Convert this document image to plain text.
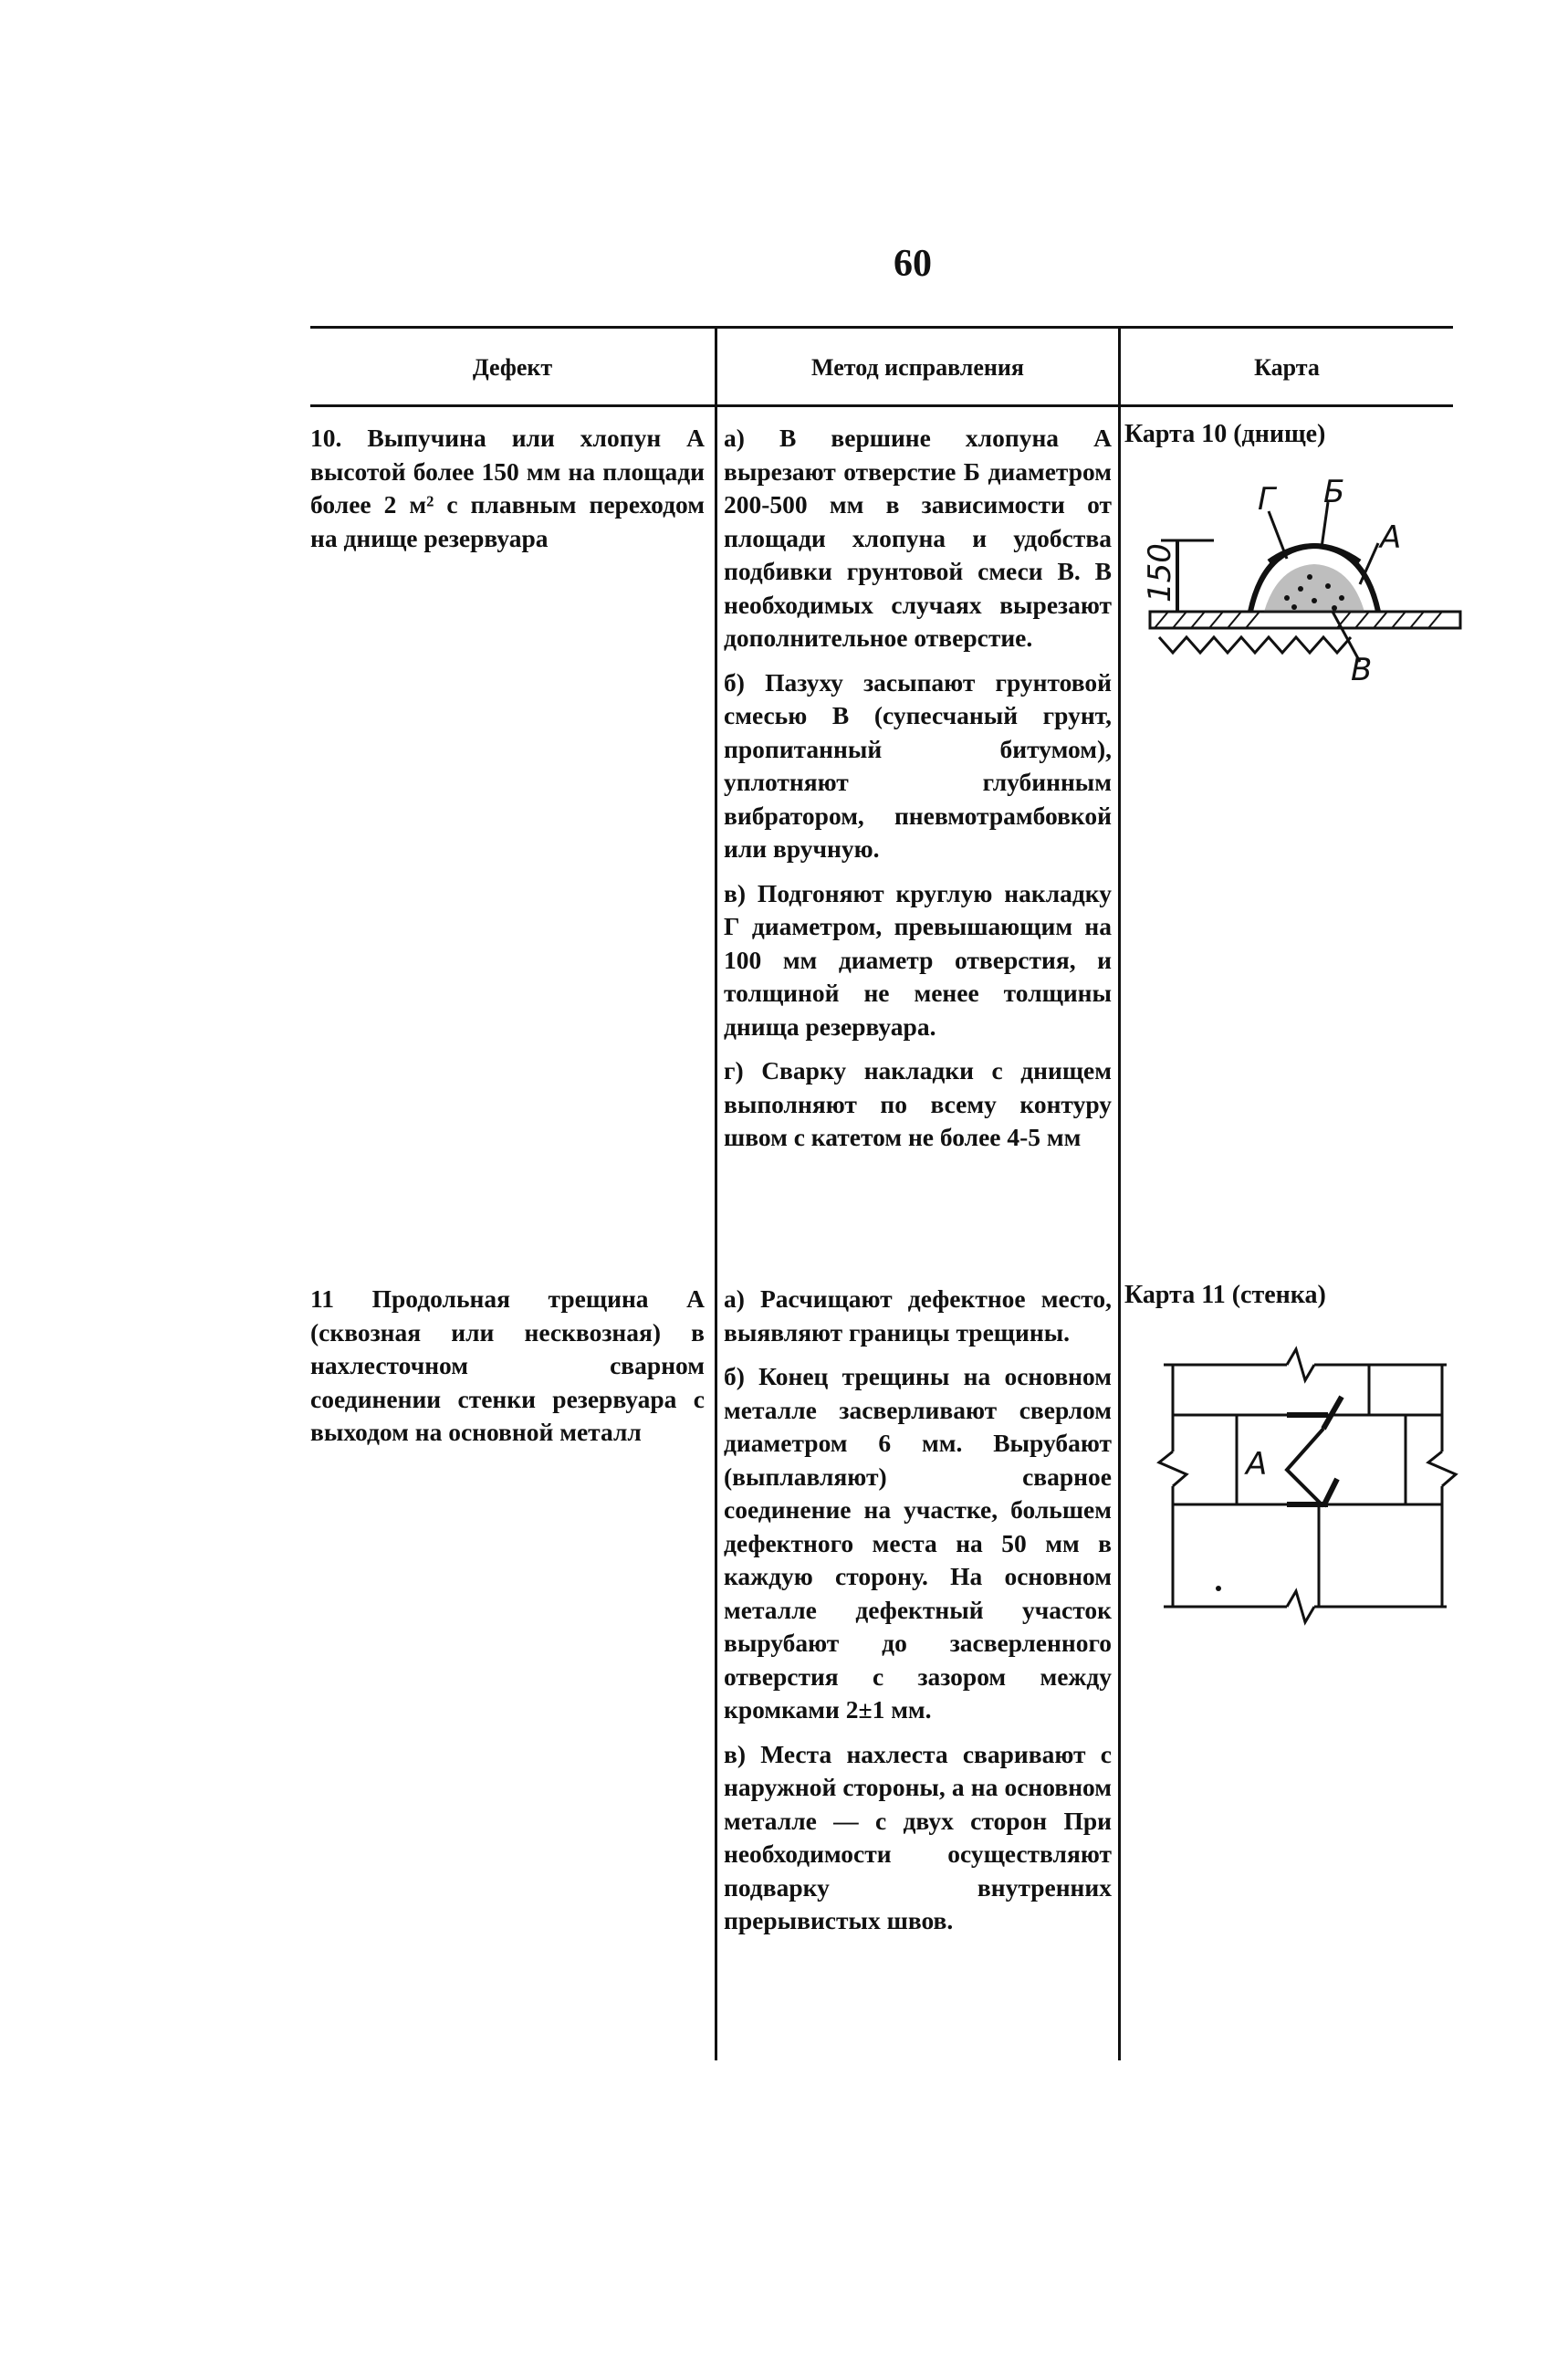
60
Дефект	Метод исправления	Карта
10. Выпучина или хлопун А высотой более 150 мм на площади более 2 м² с плавным переходом на днище резервуара

а) В вершине хлопуна А вырезают отверстие Б диаметром 200-500 мм в зависимости от площади хлопуна и удобства подбивки грунтовой смеси В. В необходимых случаях вырезают дополнительное отверстие.

б) Пазуху засыпают грунтовой смесью В (супесчаный грунт, пропитанный битумом), уплотняют глубинным вибратором, пневмотрамбовкой или вручную.

в) Подгоняют круглую накладку Г диаметром, превышающим на 100 мм диаметр отверстия, и толщиной не менее толщины днища резервуара.

г) Сварку накладки с днищем выполняют по всему контуру швом с катетом не более 4-5 мм

Карта 10 (днище)
150
Г Б
А
В
11 Продольная трещина А (сквозная или несквозная) в нахлесточном сварном соединении стенки резервуара с выходом на основной металл

а) Расчищают дефектное место, выявляют границы трещины.

б) Конец трещины на основном металле засверливают сверлом диаметром 6 мм. Вырубают (выплавляют) сварное соединение на участке, большем дефектного места на 50 мм в каждую сторону. На основном металле дефектный участок вырубают до засверленного отверстия с зазором между кромками 2±1 мм.

в) Места нахлеста сваривают с наружной стороны, а на основном металле — с двух сторон При необходимости осуществляют подварку внутренних прерывистых швов.

Карта 11 (стенка)
А
